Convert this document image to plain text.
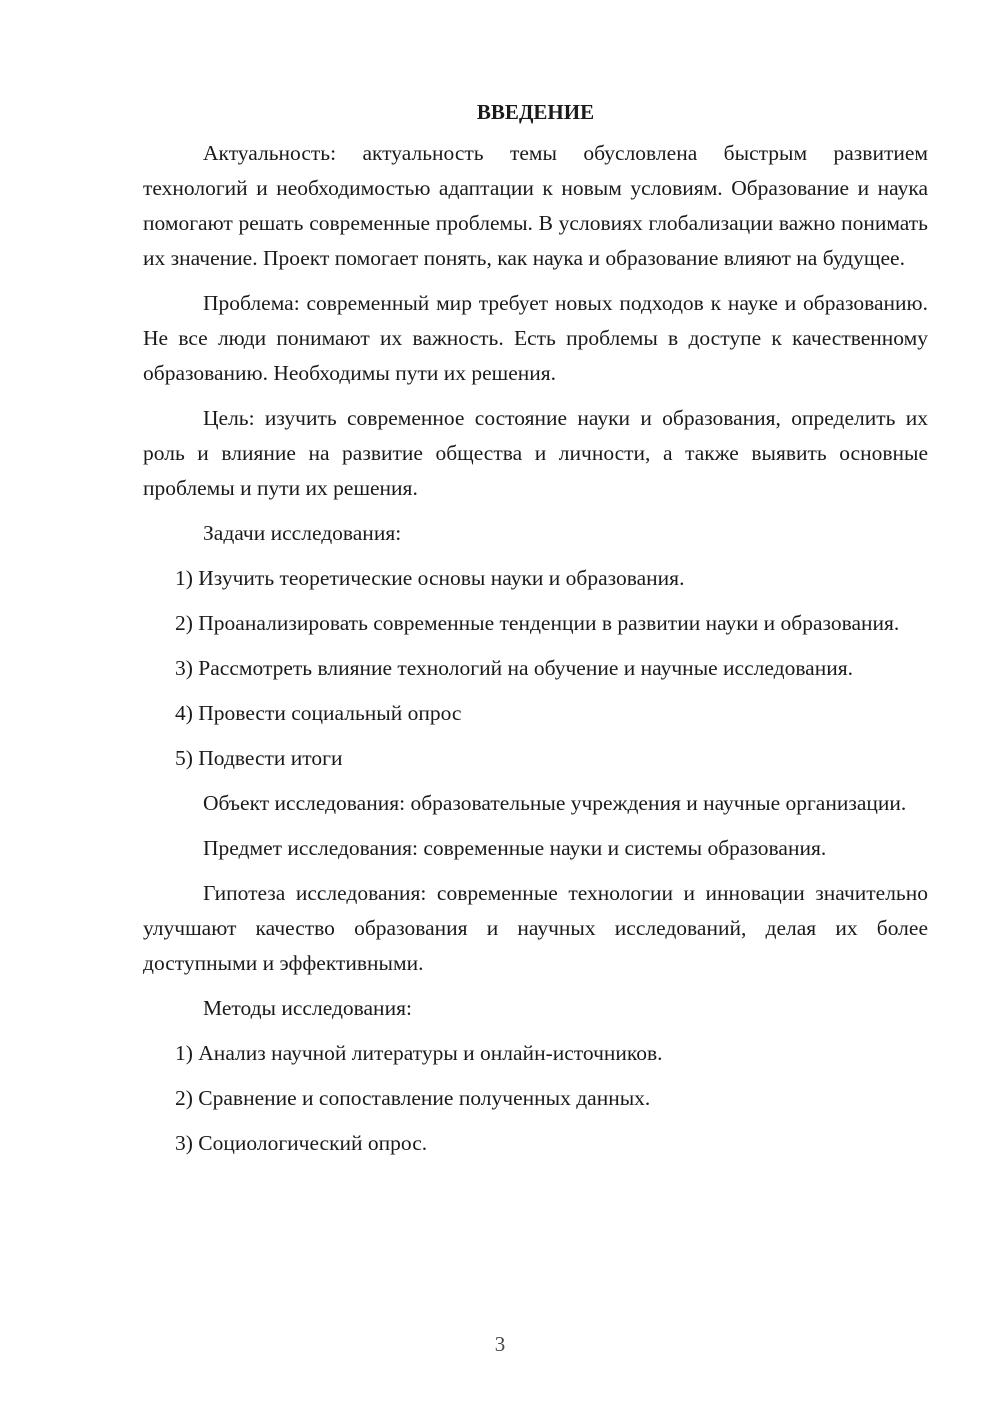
ВВЕДЕНИЕ

Актуальность: актуальность темы обусловлена быстрым развитием технологий и необходимостью адаптации к новым условиям. Образование и наука помогают решать современные проблемы. В условиях глобализации важно понимать их значение. Проект помогает понять, как наука и образование влияют на будущее.

Проблема: современный мир требует новых подходов к науке и образованию. Не все люди понимают их важность. Есть проблемы в доступе к качественному образованию. Необходимы пути их решения.

Цель: изучить современное состояние науки и образования, определить их роль и влияние на развитие общества и личности, а также выявить основные проблемы и пути их решения.

Задачи исследования:

1) Изучить теоретические основы науки и образования.

2) Проанализировать современные тенденции в развитии науки и образования.

3) Рассмотреть влияние технологий на обучение и научные исследования.

4) Провести социальный опрос

5) Подвести итоги

Объект исследования: образовательные учреждения и научные организации.

Предмет исследования: современные науки и системы образования.

Гипотеза исследования: современные технологии и инновации значительно улучшают качество образования и научных исследований, делая их более доступными и эффективными.

Методы исследования:

1) Анализ научной литературы и онлайн-источников.

2) Сравнение и сопоставление полученных данных.

3) Социологический опрос.

3
